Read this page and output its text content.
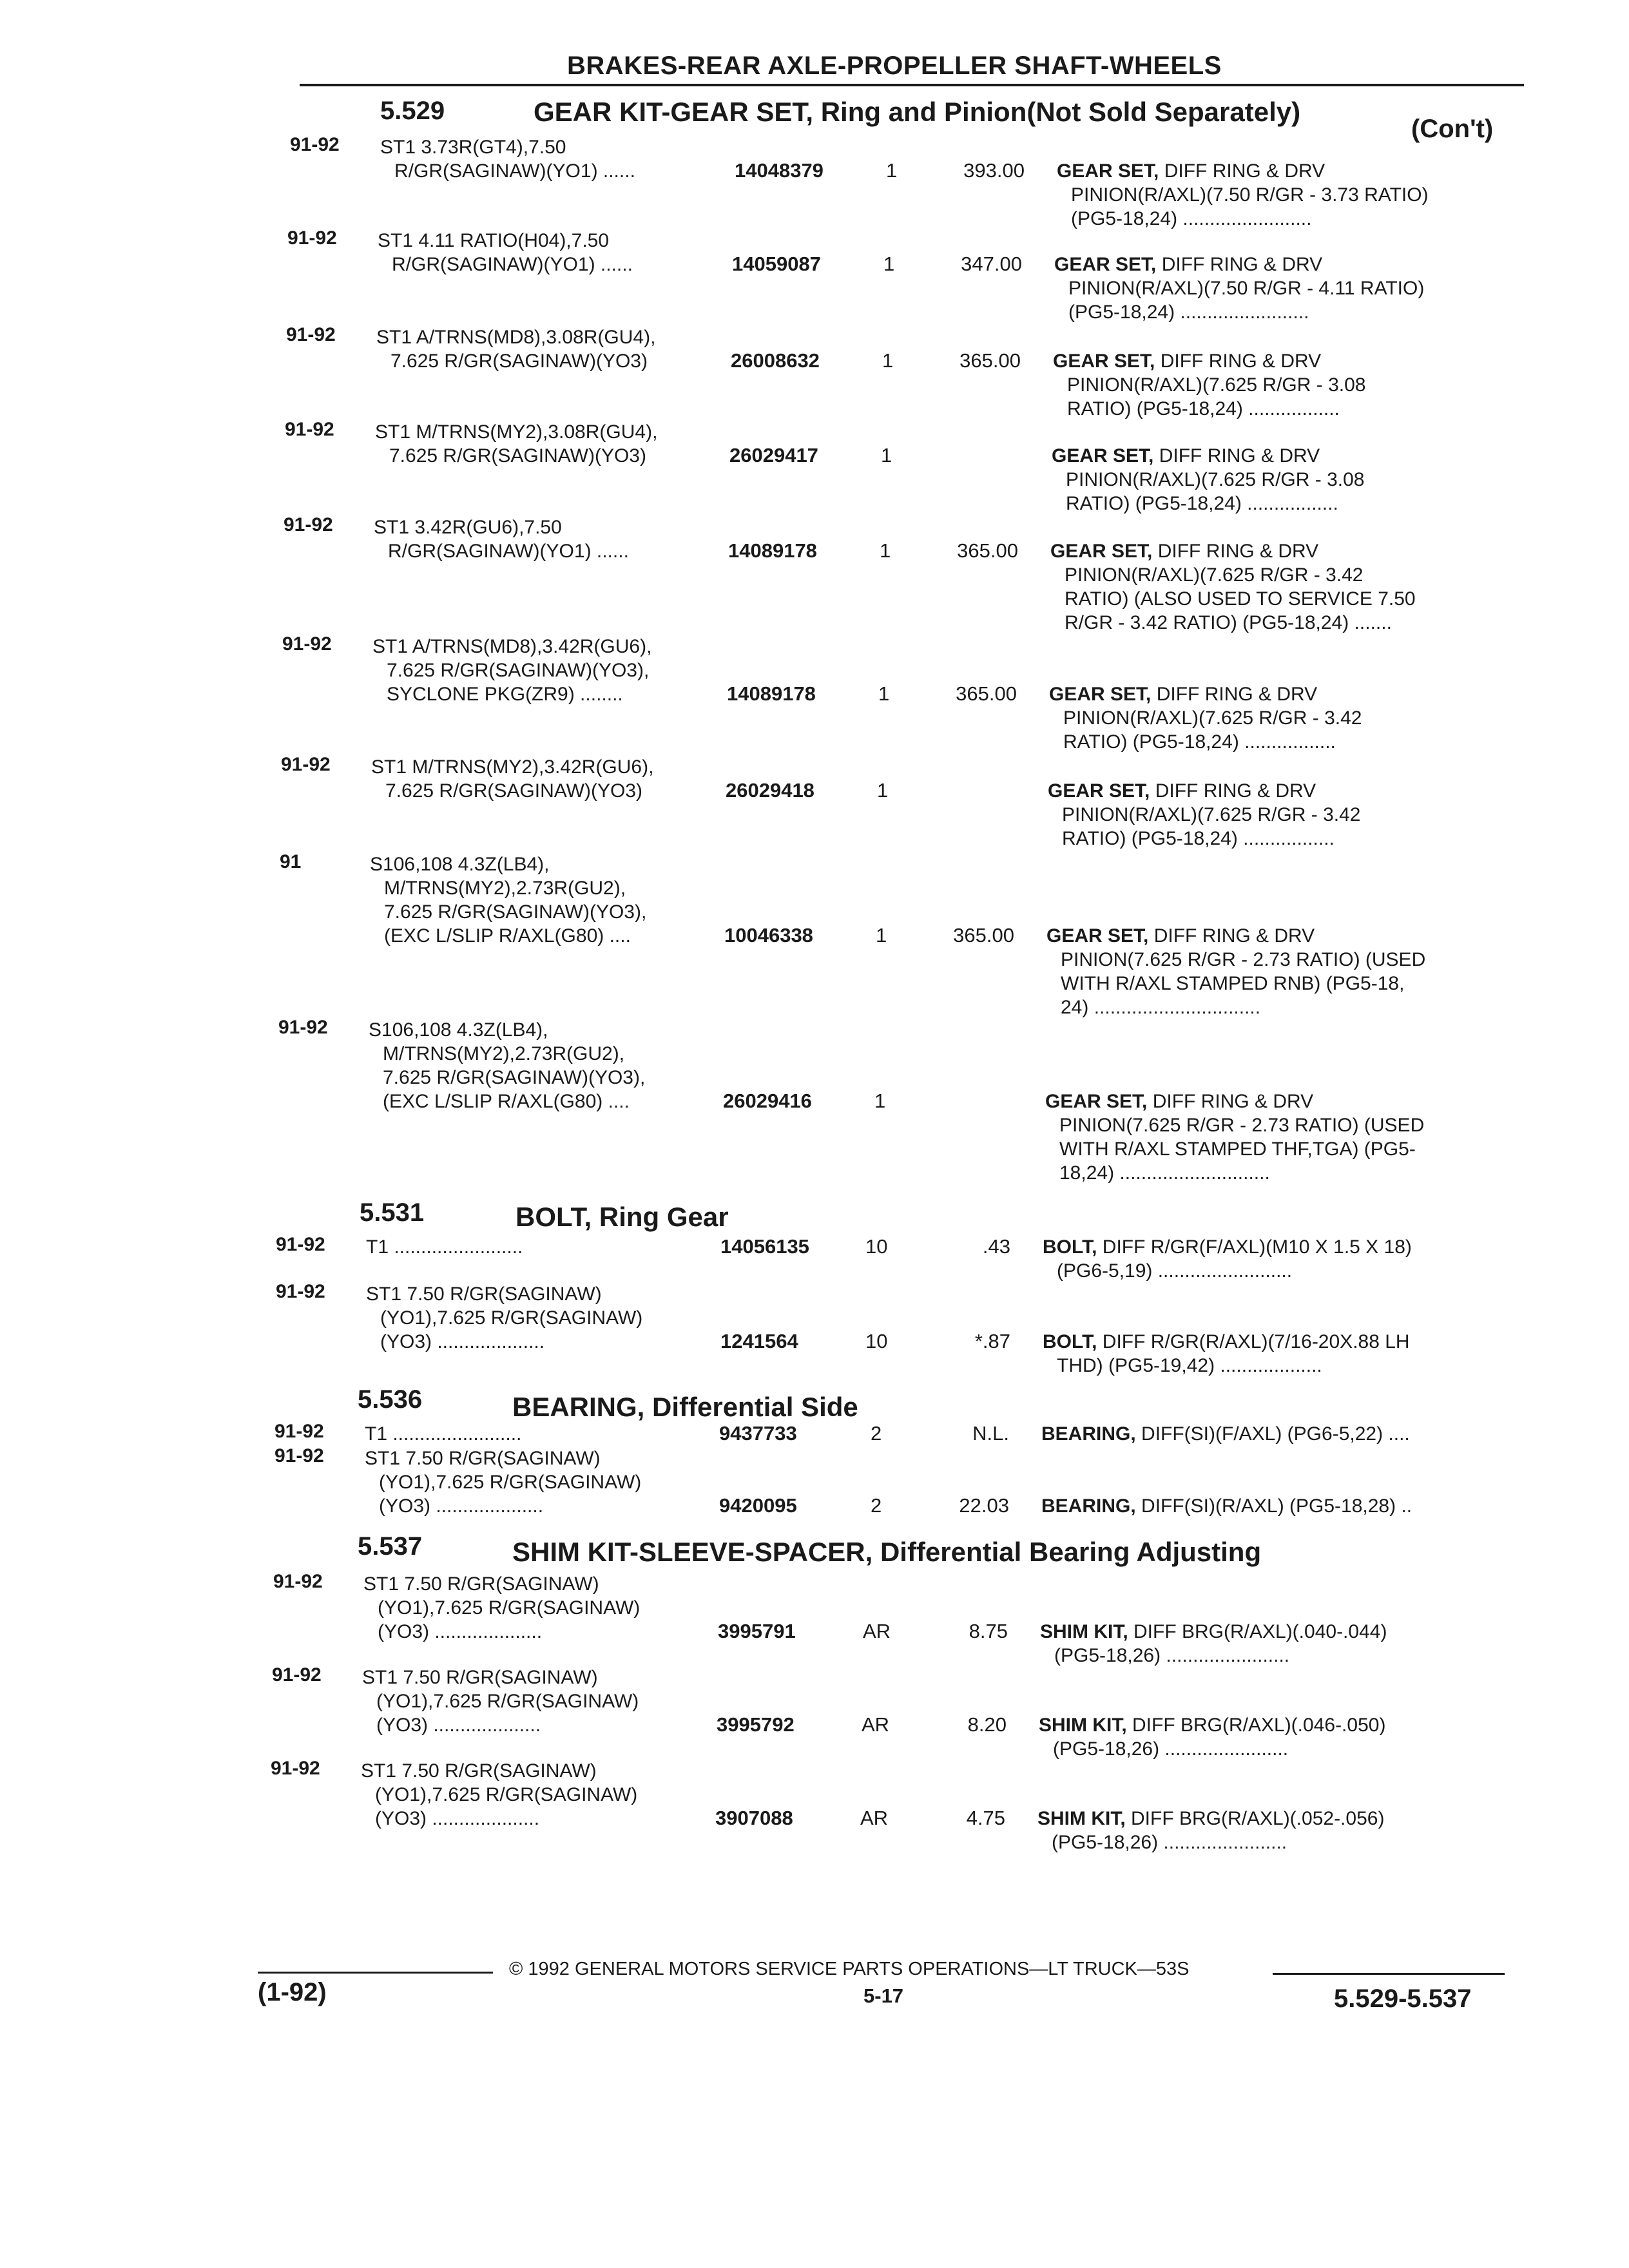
BRAKES-REAR AXLE-PROPELLER SHAFT-WHEELS
5.529	GEAR KIT-GEAR SET, Ring and Pinion(Not Sold Separately)
(Con't)
5.531	BOLT, Ring Gear
5.536	BEARING, Differential Side
5.537	SHIM KIT-SLEEVE-SPACER, Differential Bearing Adjusting
91-92 ST1 3.73R(GT4),7.50
R/GR(SAGINAW)(YO1) ......	14048379	1	393.00 GEAR SET, DIFF RING & DRV
PINION(R/AXL)(7.50 R/GR - 3.73 RATIO)
(PG5-18,24) ........................
91-92 ST1 4.11 RATIO(H04),7.50
R/GR(SAGINAW)(YO1) ......	14059087	1	347.00 GEAR SET, DIFF RING & DRV
PINION(R/AXL)(7.50 R/GR - 4.11 RATIO)
(PG5-18,24) ........................
91-92 ST1 A/TRNS(MD8),3.08R(GU4),
7.625 R/GR(SAGINAW)(YO3)	26008632	1	365.00 GEAR SET, DIFF RING & DRV
PINION(R/AXL)(7.625 R/GR - 3.08
RATIO) (PG5-18,24) .................
91-92 ST1 M/TRNS(MY2),3.08R(GU4),
7.625 R/GR(SAGINAW)(YO3)	26029417	1	GEAR SET, DIFF RING & DRV
PINION(R/AXL)(7.625 R/GR - 3.08
RATIO) (PG5-18,24) .................
91-92 ST1 3.42R(GU6),7.50
R/GR(SAGINAW)(YO1) ......	14089178	1	365.00 GEAR SET, DIFF RING & DRV
PINION(R/AXL)(7.625 R/GR - 3.42
RATIO) (ALSO USED TO SERVICE 7.50
R/GR - 3.42 RATIO) (PG5-18,24) .......
91-92 ST1 A/TRNS(MD8),3.42R(GU6),
7.625 R/GR(SAGINAW)(YO3),
SYCLONE PKG(ZR9) ........	14089178	1	365.00 GEAR SET, DIFF RING & DRV
PINION(R/AXL)(7.625 R/GR - 3.42
RATIO) (PG5-18,24) .................
91-92 ST1 M/TRNS(MY2),3.42R(GU6),
7.625 R/GR(SAGINAW)(YO3)	26029418	1	GEAR SET, DIFF RING & DRV
PINION(R/AXL)(7.625 R/GR - 3.42
RATIO) (PG5-18,24) .................
91	S106,108 4.3Z(LB4),
M/TRNS(MY2),2.73R(GU2),
7.625 R/GR(SAGINAW)(YO3),
(EXC L/SLIP R/AXL(G80) ....	10046338	1	365.00 GEAR SET, DIFF RING & DRV
PINION(7.625 R/GR - 2.73 RATIO) (USED
WITH R/AXL STAMPED RNB) (PG5-18,
24) ...............................
91-92 S106,108 4.3Z(LB4),
M/TRNS(MY2),2.73R(GU2),
7.625 R/GR(SAGINAW)(YO3),
(EXC L/SLIP R/AXL(G80) ....	26029416	1	GEAR SET, DIFF RING & DRV
PINION(7.625 R/GR - 2.73 RATIO) (USED
WITH R/AXL STAMPED THF,TGA) (PG5-
18,24) ............................
91-92 T1 ........................	14056135	10	.43 BOLT, DIFF R/GR(F/AXL)(M10 X 1.5 X 18)
(PG6-5,19) .........................
91-92 ST1 7.50 R/GR(SAGINAW)
(YO1),7.625 R/GR(SAGINAW)
(YO3) ....................	1241564	10	*.87 BOLT, DIFF R/GR(R/AXL)(7/16-20X.88 LH
THD) (PG5-19,42) ...................
91-92 T1 ........................	9437733	2	N.L. BEARING, DIFF(SI)(F/AXL) (PG6-5,22) ....
91-92 ST1 7.50 R/GR(SAGINAW)
(YO1),7.625 R/GR(SAGINAW)
(YO3) ....................	9420095	2	22.03 BEARING, DIFF(SI)(R/AXL) (PG5-18,28) ..
91-92 ST1 7.50 R/GR(SAGINAW)
(YO1),7.625 R/GR(SAGINAW)
(YO3) ....................	3995791	AR	8.75 SHIM KIT, DIFF BRG(R/AXL)(.040-.044)
(PG5-18,26) .......................
91-92 ST1 7.50 R/GR(SAGINAW)
(YO1),7.625 R/GR(SAGINAW)
(YO3) ....................	3995792	AR	8.20 SHIM KIT, DIFF BRG(R/AXL)(.046-.050)
(PG5-18,26) .......................
91-92 ST1 7.50 R/GR(SAGINAW)
(YO1),7.625 R/GR(SAGINAW)
(YO3) ....................	3907088	AR	4.75 SHIM KIT, DIFF BRG(R/AXL)(.052-.056)
(PG5-18,26) .......................
© 1992 GENERAL MOTORS SERVICE PARTS OPERATIONS—LT TRUCK—53S
(1-92)	5-17	5.529-5.537
